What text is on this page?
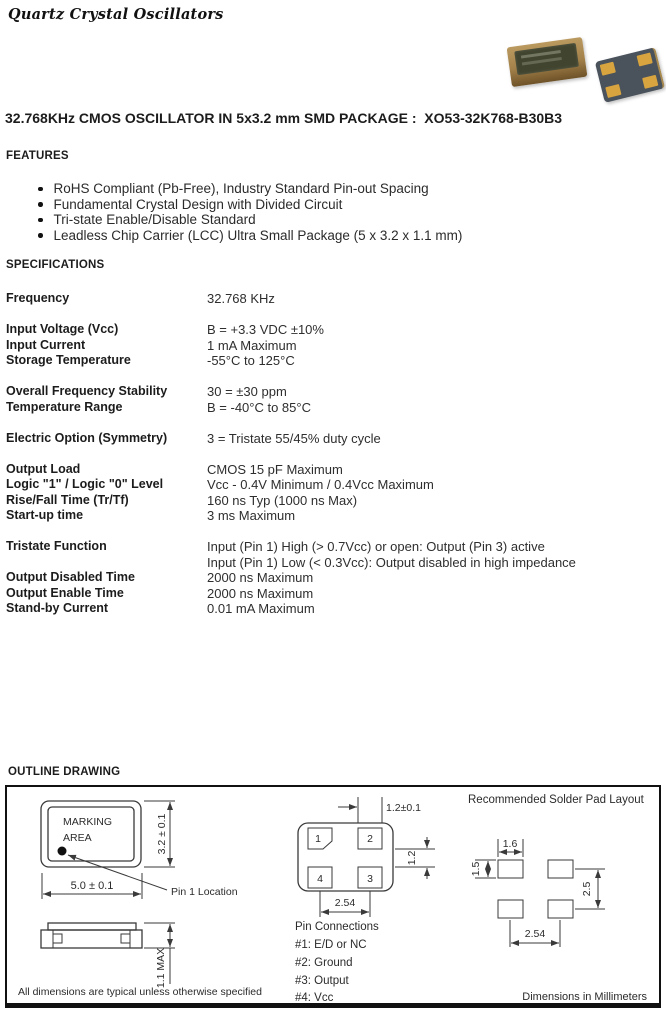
Quartz Crystal Oscillators
32.768KHz CMOS OSCILLATOR IN 5x3.2 mm SMD PACKAGE :  XO53-32K768-B30B3
FEATURES
RoHS Compliant (Pb-Free), Industry Standard Pin-out Spacing
Fundamental Crystal Design with Divided Circuit
Tri-state Enable/Disable Standard
Leadless Chip Carrier (LCC) Ultra Small Package (5 x 3.2 x 1.1 mm)
SPECIFICATIONS
Frequency	32.768 KHz
Input Voltage (Vcc)	B = +3.3 VDC ±10%
Input Current	1 mA Maximum
Storage Temperature	-55°C to 125°C
Overall Frequency Stability	30 = ±30 ppm
Temperature Range	B = -40°C to 85°C
Electric Option (Symmetry)	3 = Tristate 55/45% duty cycle
Output Load	CMOS 15 pF Maximum
Logic "1" / Logic "0" Level	Vcc - 0.4V Minimum / 0.4Vcc Maximum
Rise/Fall Time (Tr/Tf)	160 ns Typ (1000 ns Max)
Start-up time	3 ms Maximum
Tristate Function	Input (Pin 1) High (> 0.7Vcc) or open: Output (Pin 3) active
Input (Pin 1) Low (< 0.3Vcc): Output disabled in high impedance
Output Disabled Time	2000 ns Maximum
Output Enable Time	2000 ns Maximum
Stand-by Current	0.01 mA Maximum
OUTLINE DRAWING
MARKING
AREA	3.2 ± 0.1
5.0 ± 0.1	Pin 1 Location
1.1 MAX
All dimensions are typical unless otherwise specified
1	2
4	3
1.2±0.1
1.2
2.54
Pin Connections
#1: E/D or NC
#2: Ground
#3: Output
#4: Vcc
Recommended Solder Pad Layout
1.6
1.5
2.5
2.54
Dimensions in Millimeters
